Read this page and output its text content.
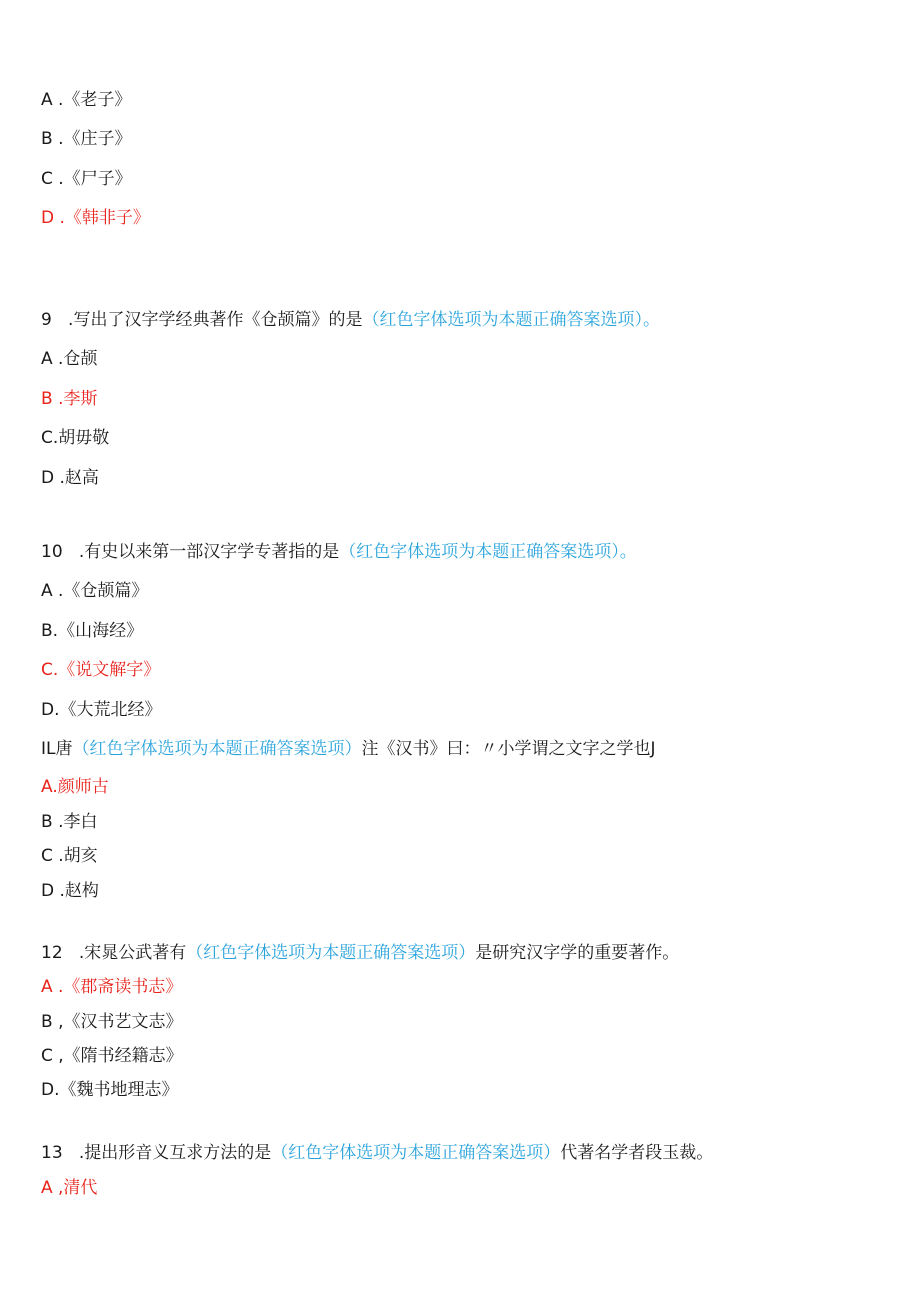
A .《老子》
B .《庄子》
C .《尸子》
D .《韩非子》
9 .写出了汉字学经典著作《仓颉篇》的是（红色字体选项为本题正确答案选项）。
A .仓颉
B .李斯
C.胡毋敬
D .赵高
10 .有史以来第一部汉字学专著指的是（红色字体选项为本题正确答案选项）。
A .《仓颉篇》
B.《山海经》
C.《说文解字》
D.《大荒北经》
IL唐（红色字体选项为本题正确答案选项）注《汉书》曰：〃小学谓之文字之学也J
A.颜师古
B .李白
C .胡亥
D .赵构
12 .宋晁公武著有（红色字体选项为本题正确答案选项）是研究汉字学的重要著作。
A .《郡斋读书志》
B ,《汉书艺文志》
C ,《隋书经籍志》
D.《魏书地理志》
13 .提出形音义互求方法的是（红色字体选项为本题正确答案选项）代著名学者段玉裁。
A ,清代
